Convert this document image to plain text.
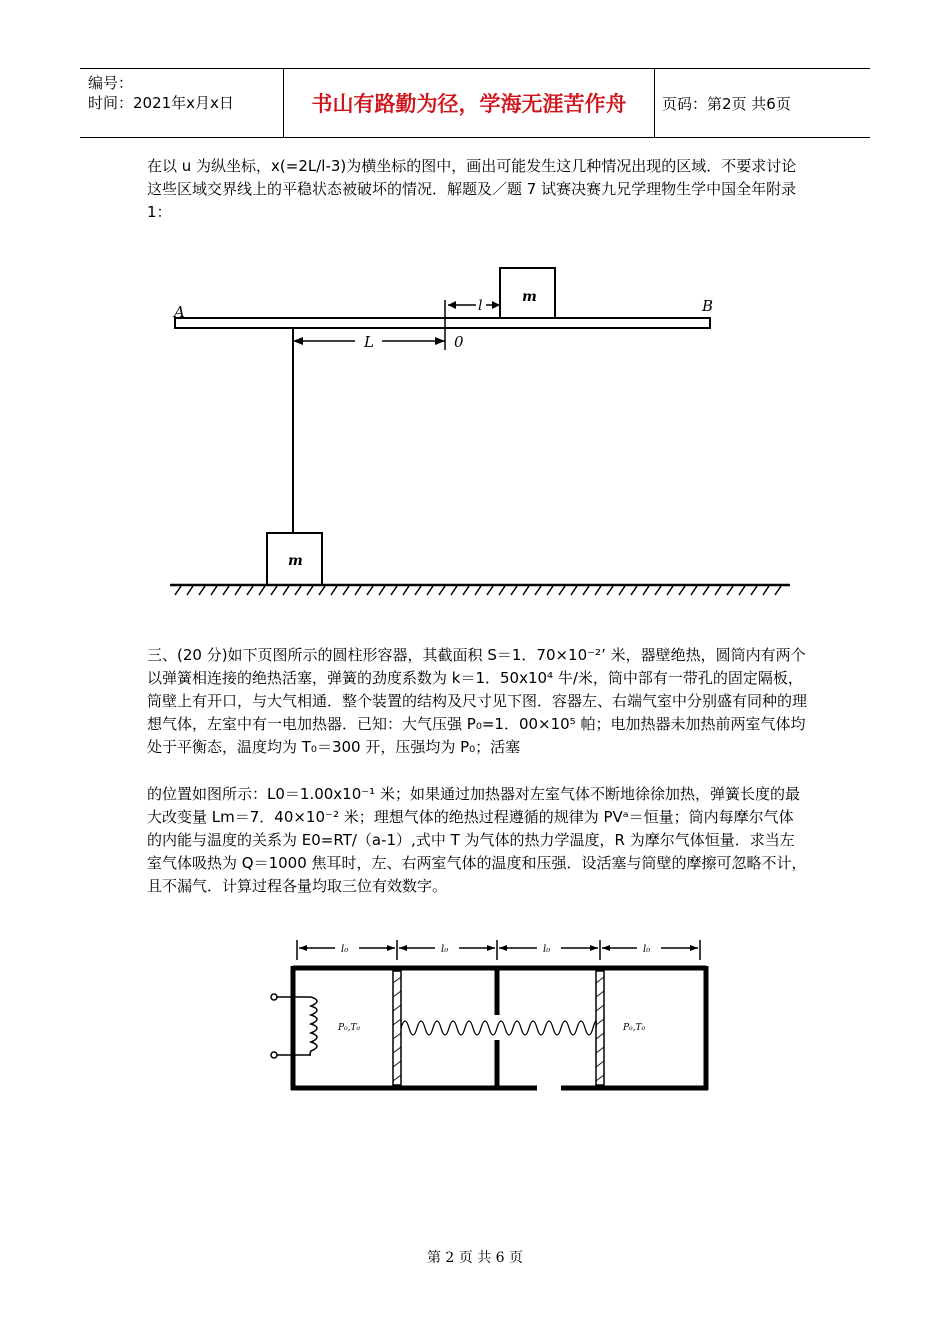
编号：
时间：2021年x月x日	书山有路勤为径，学海无涯苦作舟	页码：第2页 共6页
在以 u 为纵坐标，x(=2L/l-3)为横坐标的图中，画出可能发生这几种情况出现的区域．不要求讨论这些区域交界线上的平稳状态被破坏的情况．解题及／题 7 试赛决赛九兄学理物生学中国全年附录 1：
m
A	B
l
L	0
m
三、(20 分)如下页图所示的圆柱形容器，其截面积 S＝1．70×10⁻²’ 米，器壁绝热，圆筒内有两个以弹簧相连接的绝热活塞，弹簧的劲度系数为 k＝1．50x10⁴ 牛/米，筒中部有一带孔的固定隔板，筒壁上有开口，与大气相通．整个装置的结构及尺寸见下图．容器左、右端气室中分别盛有同种的理想气体，左室中有一电加热器．已知：大气压强 P₀=1．00×10⁵ 帕；电加热器未加热前两室气体均处于平衡态，温度均为 T₀＝300 开，压强均为 P₀；活塞
的位置如图所示：L0＝1.00x10⁻¹ 米；如果通过加热器对左室气体不断地徐徐加热，弹簧长度的最大改变量 Lm＝7．40×10⁻² 米；理想气体的绝热过程遵循的规律为 PVᵃ＝恒量；筒内每摩尔气体的内能与温度的关系为 E0=RT/（a-1）,式中 T 为气体的热力学温度，R 为摩尔气体恒量．求当左室气体吸热为 Q＝1000 焦耳时，左、右两室气体的温度和压强．设活塞与筒壁的摩擦可忽略不计，且不漏气．计算过程各量均取三位有效数字。
l₀	l₀	l₀	l₀
P₀,T₀	P₀,T₀
第 2 页 共 6 页
